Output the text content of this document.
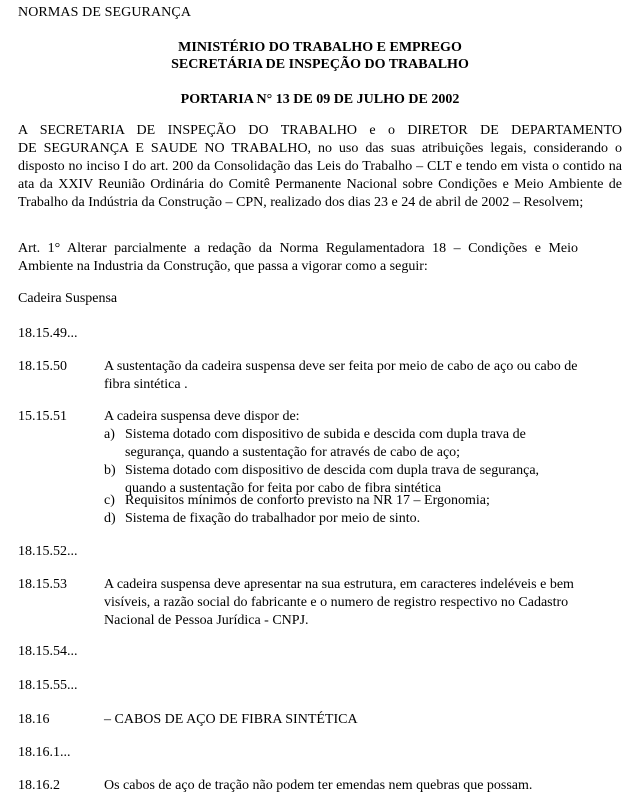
NORMAS DE SEGURANÇA
MINISTÉRIO DO TRABALHO E EMPREGO
SECRETÁRIA DE INSPEÇÃO DO TRABALHO
PORTARIA N° 13 DE 09 DE JULHO DE 2002
A SECRETARIA DE INSPEÇÃO DO TRABALHO e o DIRETOR DE DEPARTAMENTO
DE SEGURANÇA E SAUDE NO TRABALHO, no uso das suas atribuições legais, considerando o disposto no inciso I do art. 200 da Consolidação das Leis do Trabalho – CLT e tendo em vista o contido na ata da XXIV Reunião Ordinária do Comitê Permanente Nacional sobre Condições e Meio Ambiente de Trabalho da Indústria da Construção – CPN, realizado dos dias 23 e 24 de abril de 2002 – Resolvem;
Art. 1° Alterar parcialmente a redação da Norma Regulamentadora 18 – Condições e Meio Ambiente na Industria da Construção, que passa a vigorar como a seguir:
Cadeira Suspensa
18.15.49...
18.15.50	A sustentação da cadeira suspensa deve ser feita por meio de cabo de aço ou cabo de fibra sintética .
15.15.51	A cadeira suspensa deve dispor de:
a) Sistema dotado com dispositivo de subida e descida com dupla trava de segurança, quando a sustentação for através de cabo de aço;
b) Sistema dotado com dispositivo de descida com dupla trava de segurança, quando a sustentação for feita por cabo de fibra sintética
c) Requisitos mínimos de conforto previsto na NR 17 – Ergonomia;
d) Sistema de fixação do trabalhador por meio de sinto.
18.15.52...
18.15.53	A cadeira suspensa deve apresentar na sua estrutura, em caracteres indeléveis e bem visíveis, a razão social do fabricante e o numero de registro respectivo no Cadastro Nacional de Pessoa Jurídica - CNPJ.
18.15.54...
18.15.55...
18.16	– CABOS DE AÇO DE FIBRA SINTÉTICA
18.16.1...
18.16.2	Os cabos de aço de tração não podem ter emendas nem quebras que possam.
